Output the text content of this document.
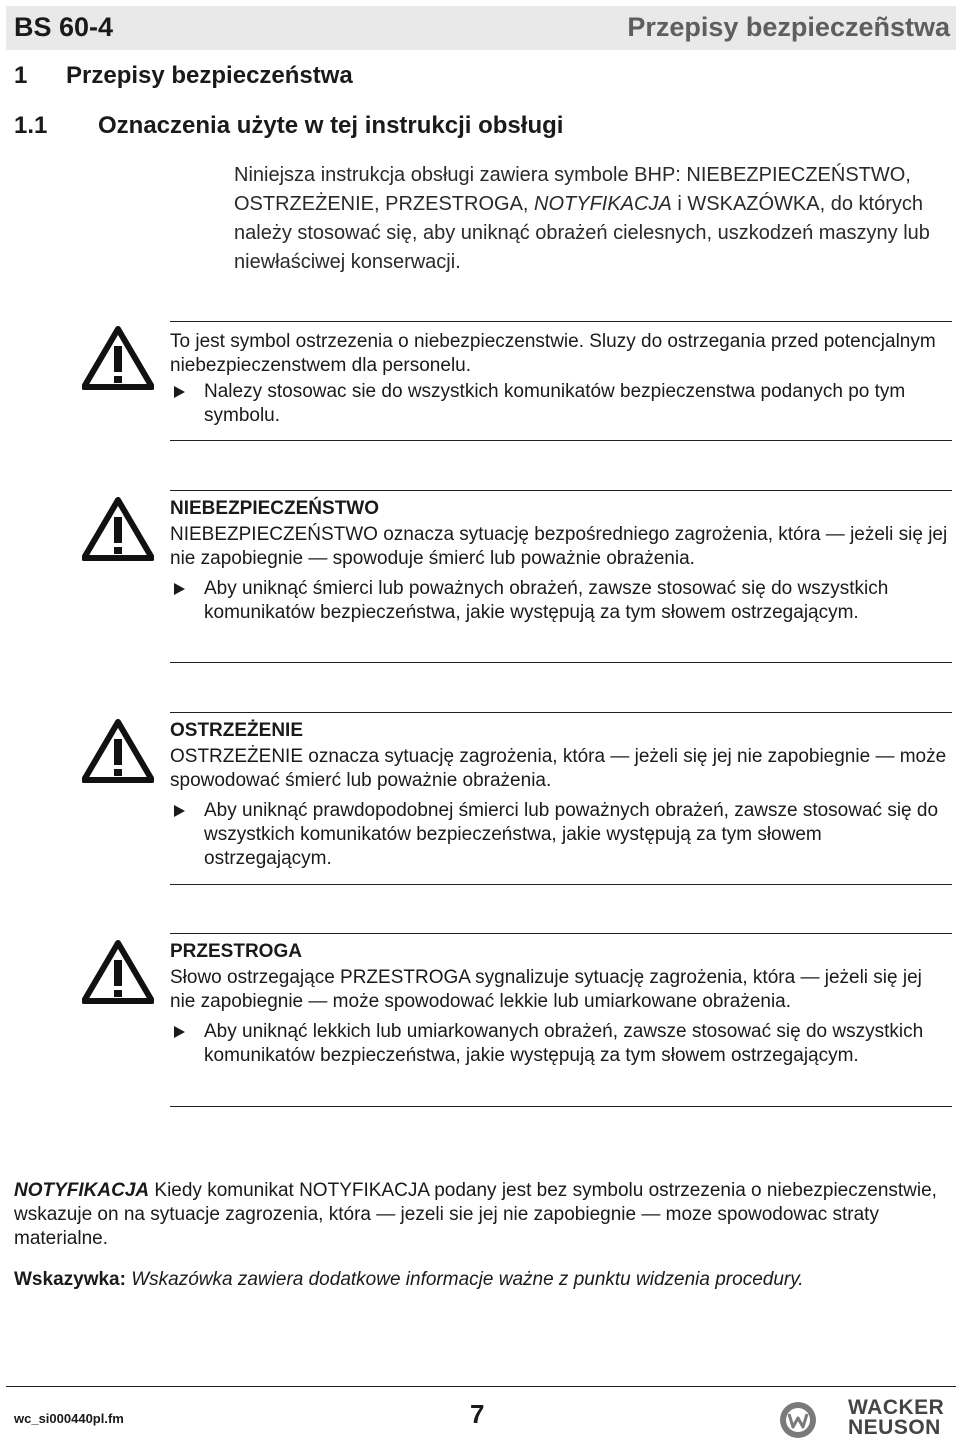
BS 60-4	Przepisy bezpieczeñstwa
1 Przepisy bezpieczeństwa
1.1 Oznaczenia użyte w tej instrukcji obsługi

Niniejsza instrukcja obsługi zawiera symbole BHP: NIEBEZPIECZEŃSTWO, OSTRZEŻENIE, PRZESTROGA, NOTYFIKACJA i WSKAZÓWKA, do których należy stosować się, aby uniknąć obrażeń cielesnych, uszkodzeń maszyny lub niewłaściwej konserwacji.

To jest symbol ostrzezenia o niebezpieczenstwie. Sluzy do ostrzegania przed potencjalnym niebezpieczenstwem dla personelu.

Nalezy stosowac sie do wszystkich komunikatów bezpieczenstwa podanych po tym symbolu.

NIEBEZPIECZEŃSTWO

NIEBEZPIECZEŃSTWO oznacza sytuację bezpośredniego zagrożenia, która — jeżeli się jej nie zapobiegnie — spowoduje śmierć lub poważnie obrażenia.

Aby uniknąć śmierci lub poważnych obrażeń, zawsze stosować się do wszystkich komunikatów bezpieczeństwa, jakie występują za tym słowem ostrzegającym.

OSTRZEŻENIE

OSTRZEŻENIE oznacza sytuację zagrożenia, która — jeżeli się jej nie zapobiegnie — może spowodować śmierć lub poważnie obrażenia.

Aby uniknąć prawdopodobnej śmierci lub poważnych obrażeń, zawsze stosować się do wszystkich komunikatów bezpieczeństwa, jakie występują za tym słowem ostrzegającym.

PRZESTROGA

Słowo ostrzegające PRZESTROGA sygnalizuje sytuację zagrożenia, która — jeżeli się jej nie zapobiegnie — może spowodować lekkie lub umiarkowane obrażenia.

Aby uniknąć lekkich lub umiarkowanych obrażeń, zawsze stosować się do wszystkich komunikatów bezpieczeństwa, jakie występują za tym słowem ostrzegającym.

NOTYFIKACJA Kiedy komunikat NOTYFIKACJA podany jest bez symbolu ostrzezenia o niebezpieczenstwie, wskazuje on na sytuacje zagrozenia, która — jezeli sie jej nie zapobiegnie — moze spowodowac straty materialne.

Wskazywka: Wskazówka zawiera dodatkowe informacje ważne z punktu widzenia procedury.

wc_si000440pl.fm	7	WACKER
NEUSON
